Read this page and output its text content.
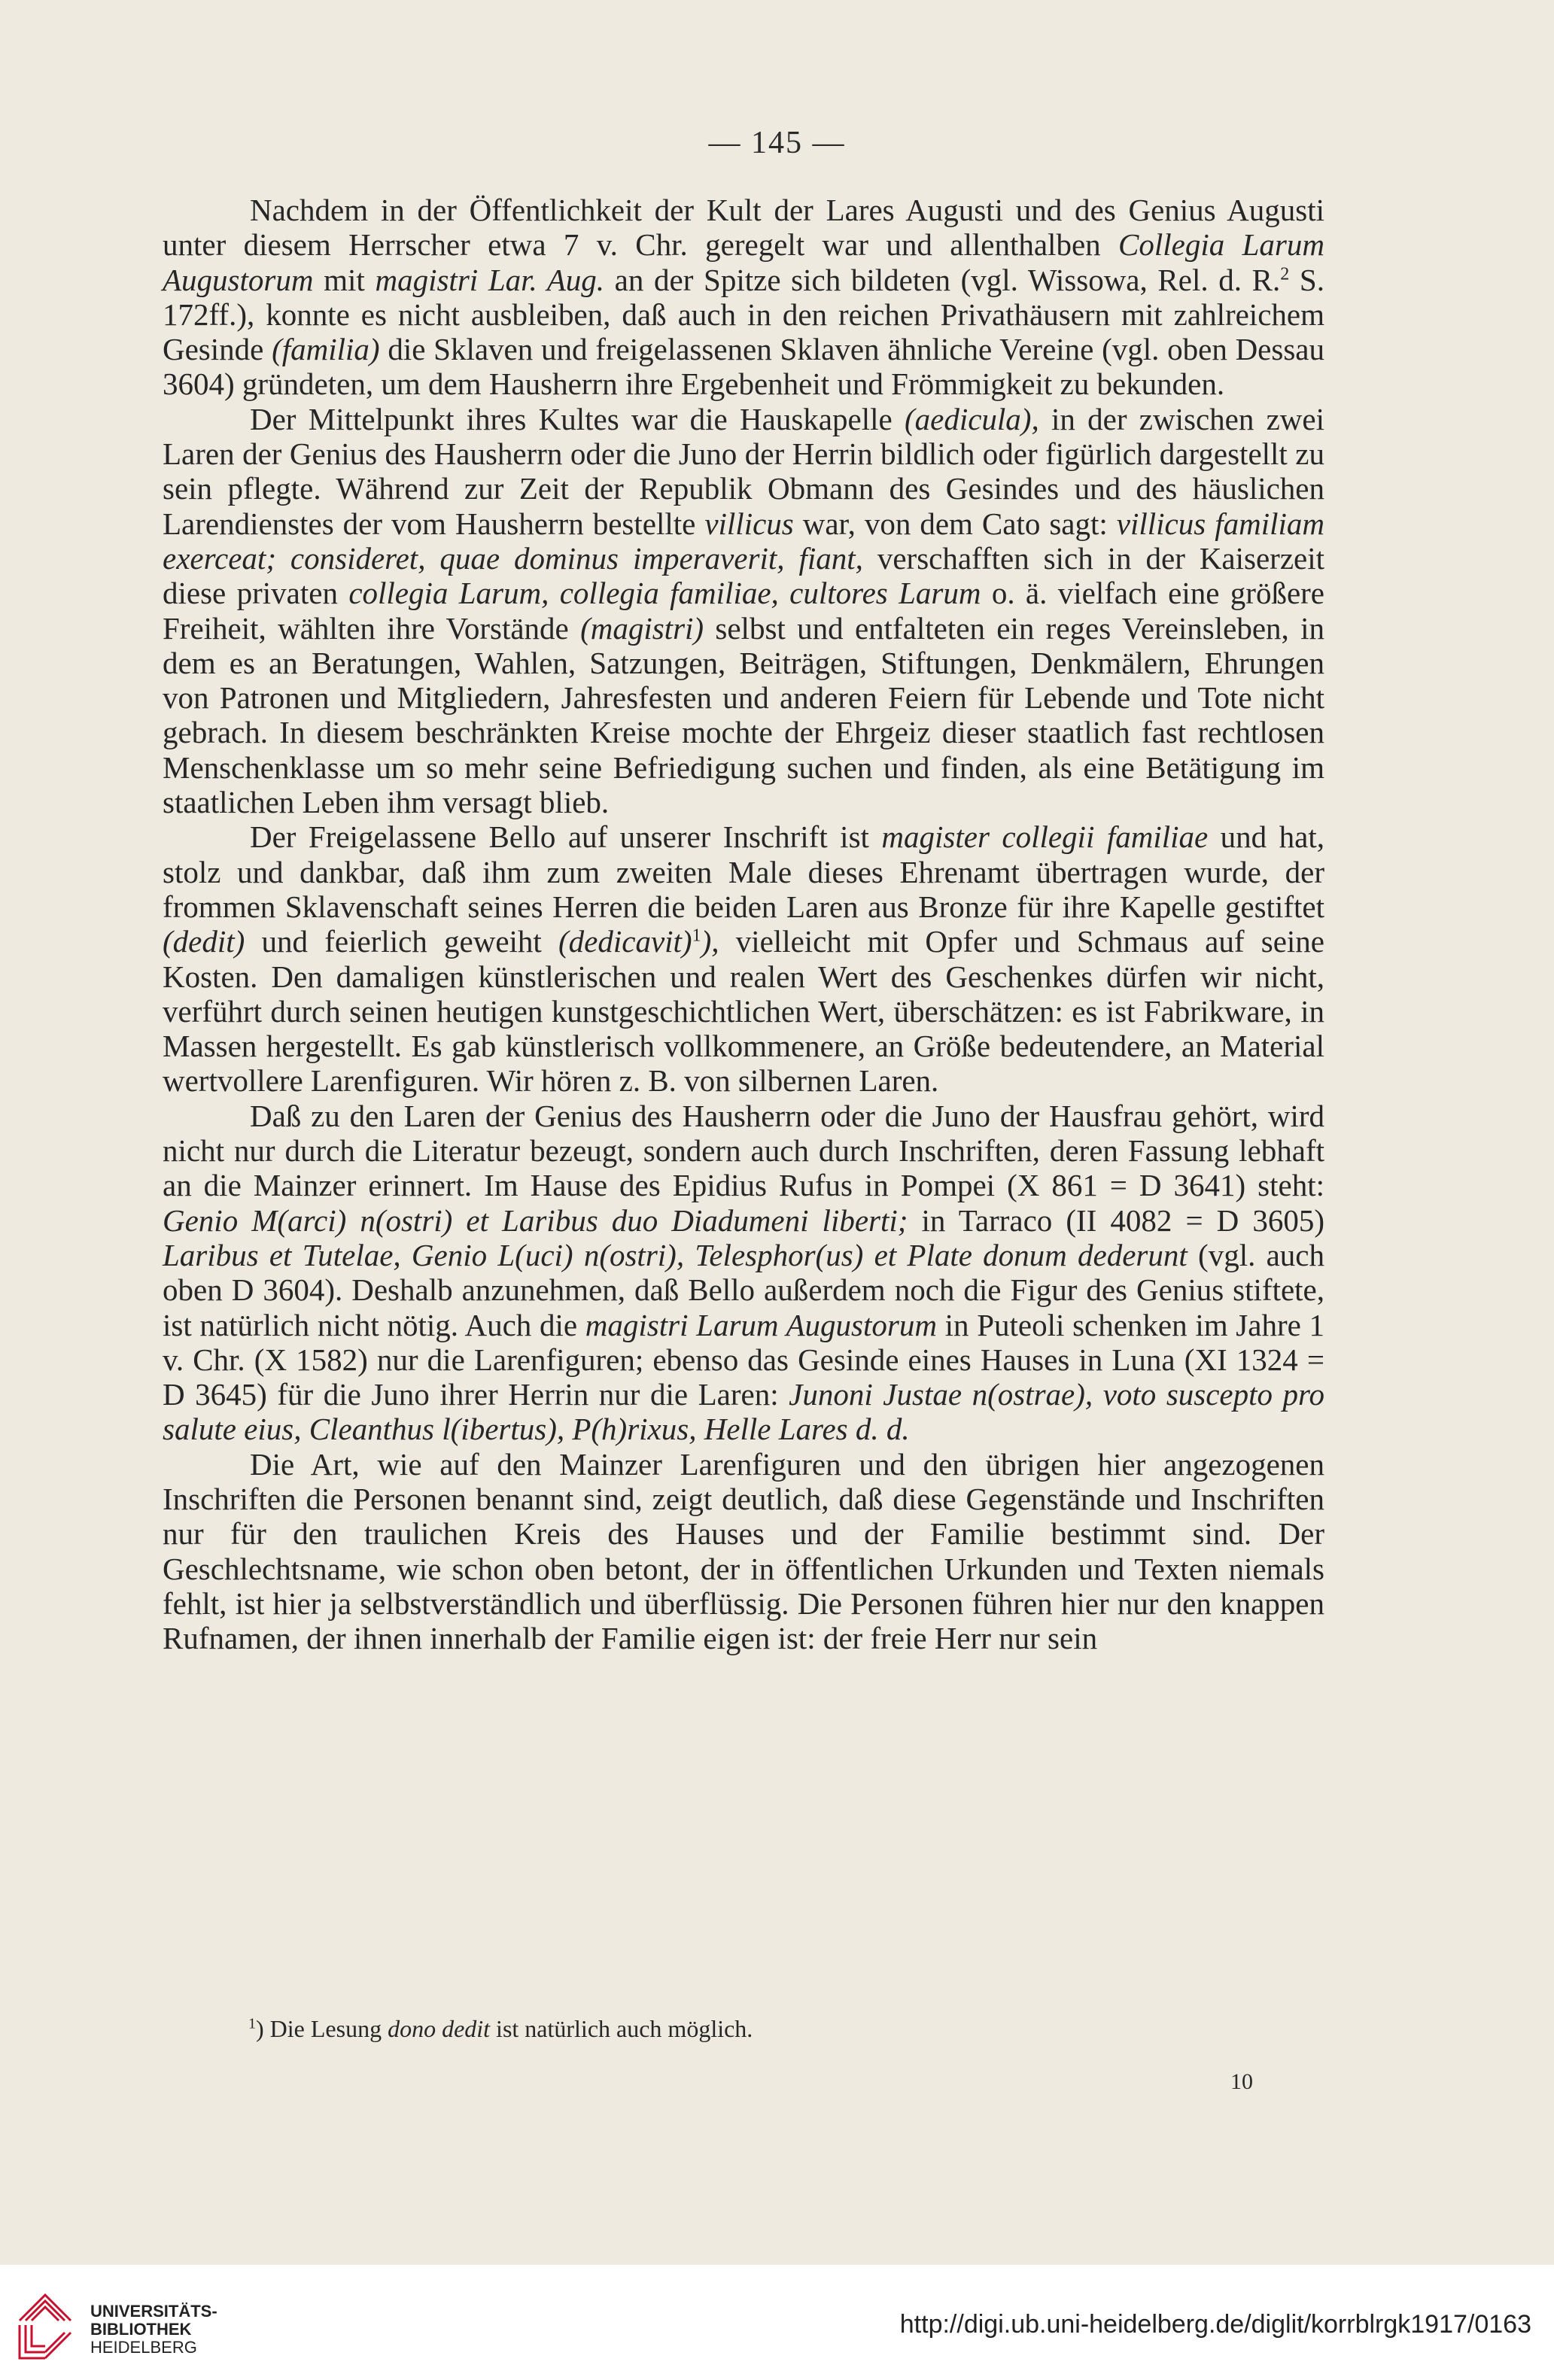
— 145 —

Nachdem in der Öffentlichkeit der Kult der Lares Augusti und des Genius Augusti unter diesem Herrscher etwa 7 v. Chr. geregelt war und allenthalben Collegia Larum Augustorum mit magistri Lar. Aug. an der Spitze sich bildeten (vgl. Wissowa, Rel. d. R.$^2$ S. 172ff.), konnte es nicht ausbleiben, daß auch in den reichen Privathäusern mit zahlreichem Gesinde (familia) die Sklaven und freigelassenen Sklaven ähnliche Vereine (vgl. oben Dessau 3604) gründeten, um dem Hausherrn ihre Ergebenheit und Frömmigkeit zu bekunden.

Der Mittelpunkt ihres Kultes war die Hauskapelle (aedicula), in der zwischen zwei Laren der Genius des Hausherrn oder die Juno der Herrin bildlich oder figürlich dargestellt zu sein pflegte. Während zur Zeit der Republik Obmann des Gesindes und des häuslichen Larendienstes der vom Hausherrn bestellte villicus war, von dem Cato sagt: villicus familiam exerceat; consideret, quae dominus imperaverit, fiant, verschafften sich in der Kaiserzeit diese privaten collegia Larum, collegia familiae, cultores Larum o. ä. vielfach eine größere Freiheit, wählten ihre Vorstände (magistri) selbst und entfalteten ein reges Vereinsleben, in dem es an Beratungen, Wahlen, Satzungen, Beiträgen, Stiftungen, Denkmälern, Ehrungen von Patronen und Mitgliedern, Jahresfesten und anderen Feiern für Lebende und Tote nicht gebrach. In diesem beschränkten Kreise mochte der Ehrgeiz dieser staatlich fast rechtlosen Menschenklasse um so mehr seine Befriedigung suchen und finden, als eine Betätigung im staatlichen Leben ihm versagt blieb.

Der Freigelassene Bello auf unserer Inschrift ist magister collegii familiae und hat, stolz und dankbar, daß ihm zum zweiten Male dieses Ehrenamt übertragen wurde, der frommen Sklavenschaft seines Herren die beiden Laren aus Bronze für ihre Kapelle gestiftet (dedit) und feierlich geweiht (dedicavit)$^1$), vielleicht mit Opfer und Schmaus auf seine Kosten. Den damaligen künstlerischen und realen Wert des Geschenkes dürfen wir nicht, verführt durch seinen heutigen kunstgeschichtlichen Wert, überschätzen: es ist Fabrikware, in Massen hergestellt. Es gab künstlerisch vollkommenere, an Größe bedeutendere, an Material wertvollere Larenfiguren. Wir hören z. B. von silbernen Laren.

Daß zu den Laren der Genius des Hausherrn oder die Juno der Hausfrau gehört, wird nicht nur durch die Literatur bezeugt, sondern auch durch Inschriften, deren Fassung lebhaft an die Mainzer erinnert. Im Hause des Epidius Rufus in Pompei (X 861 = D 3641) steht: Genio M(arci) n(ostri) et Laribus duo Diadumeni liberti; in Tarraco (II 4082 = D 3605) Laribus et Tutelae, Genio L(uci) n(ostri), Telesphor(us) et Plate donum dederunt (vgl. auch oben D 3604). Deshalb anzunehmen, daß Bello außerdem noch die Figur des Genius stiftete, ist natürlich nicht nötig. Auch die magistri Larum Augustorum in Puteoli schenken im Jahre 1 v. Chr. (X 1582) nur die Larenfiguren; ebenso das Gesinde eines Hauses in Luna (XI 1324 = D 3645) für die Juno ihrer Herrin nur die Laren: Junoni Justae n(ostrae), voto suscepto pro salute eius, Cleanthus l(ibertus), P(h)rixus, Helle Lares d. d.

Die Art, wie auf den Mainzer Larenfiguren und den übrigen hier angezogenen Inschriften die Personen benannt sind, zeigt deutlich, daß diese Gegenstände und Inschriften nur für den traulichen Kreis des Hauses und der Familie bestimmt sind. Der Geschlechtsname, wie schon oben betont, der in öffentlichen Urkunden und Texten niemals fehlt, ist hier ja selbstverständlich und überflüssig. Die Personen führen hier nur den knappen Rufnamen, der ihnen innerhalb der Familie eigen ist: der freie Herr nur sein

$^1$) Die Lesung dono dedit ist natürlich auch möglich.
10
UNIVERSITÄTS-
BIBLIOTHEK
HEIDELBERG
http://digi.ub.uni-heidelberg.de/diglit/korrblrgk1917/0163
